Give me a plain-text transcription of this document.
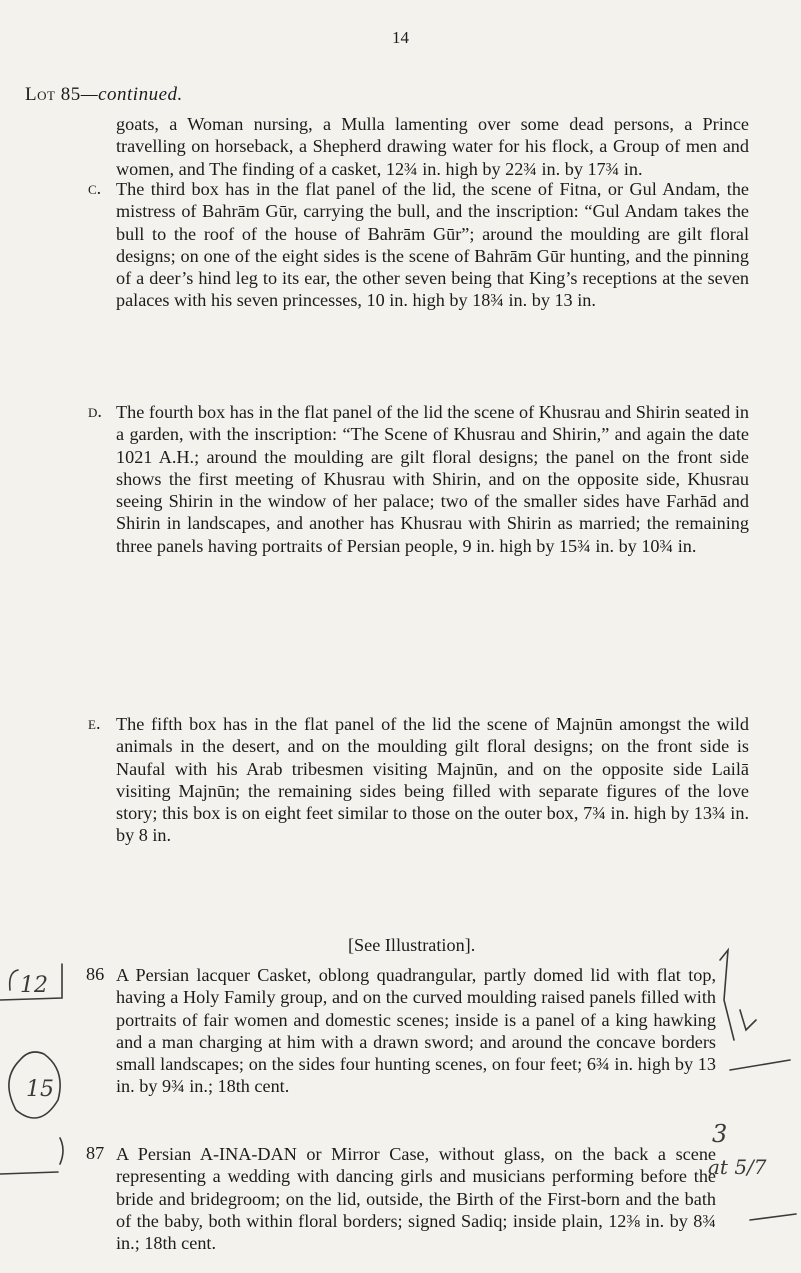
14
Lot 85—continued.

goats, a Woman nursing, a Mulla lamenting over some dead persons, a Prince travelling on horseback, a Shepherd drawing water for his flock, a Group of men and women, and The finding of a casket, 12¾ in. high by 22¾ in. by 17¾ in.

c. The third box has in the flat panel of the lid, the scene of Fitna, or Gul Andam, the mistress of Bahrām Gūr, carrying the bull, and the inscription: “Gul Andam takes the bull to the roof of the house of Bahrām Gūr”; around the moulding are gilt floral designs; on one of the eight sides is the scene of Bahrām Gūr hunting, and the pinning of a deer’s hind leg to its ear, the other seven being that King’s receptions at the seven palaces with his seven princesses, 10 in. high by 18¾ in. by 13 in.

d. The fourth box has in the flat panel of the lid the scene of Khusrau and Shirin seated in a garden, with the inscription: “The Scene of Khusrau and Shirin,” and again the date 1021 A.H.; around the moulding are gilt floral designs; the panel on the front side shows the first meeting of Khusrau with Shirin, and on the opposite side, Khusrau seeing Shirin in the window of her palace; two of the smaller sides have Farhād and Shirin in landscapes, and another has Khusrau with Shirin as married; the remaining three panels having portraits of Persian people, 9 in. high by 15¾ in. by 10¾ in.

e. The fifth box has in the flat panel of the lid the scene of Majnūn amongst the wild animals in the desert, and on the moulding gilt floral designs; on the front side is Naufal with his Arab tribesmen visiting Majnūn, and on the opposite side Lailā visiting Majnūn; the remaining sides being filled with separate figures of the love story; this box is on eight feet similar to those on the outer box, 7¾ in. high by 13¾ in. by 8 in.

[See Illustration].
86 A Persian lacquer Casket, oblong quadrangular, partly domed lid with flat top, having a Holy Family group, and on the curved moulding raised panels filled with portraits of fair women and domestic scenes; inside is a panel of a king hawking and a man charging at him with a drawn sword; and around the concave borders small landscapes; on the sides four hunting scenes, on four feet; 6¾ in. high by 13 in. by 9¾ in.; 18th cent.

87 A Persian A-INA-DAN or Mirror Case, without glass, on the back a scene representing a wedding with dancing girls and musicians performing before the bride and bridegroom; on the lid, outside, the Birth of the First-born and the bath of the baby, both within floral borders; signed Sadiq; inside plain, 12⅜ in. by 8¾ in.; 18th cent.

12
15
3
at 5/7
